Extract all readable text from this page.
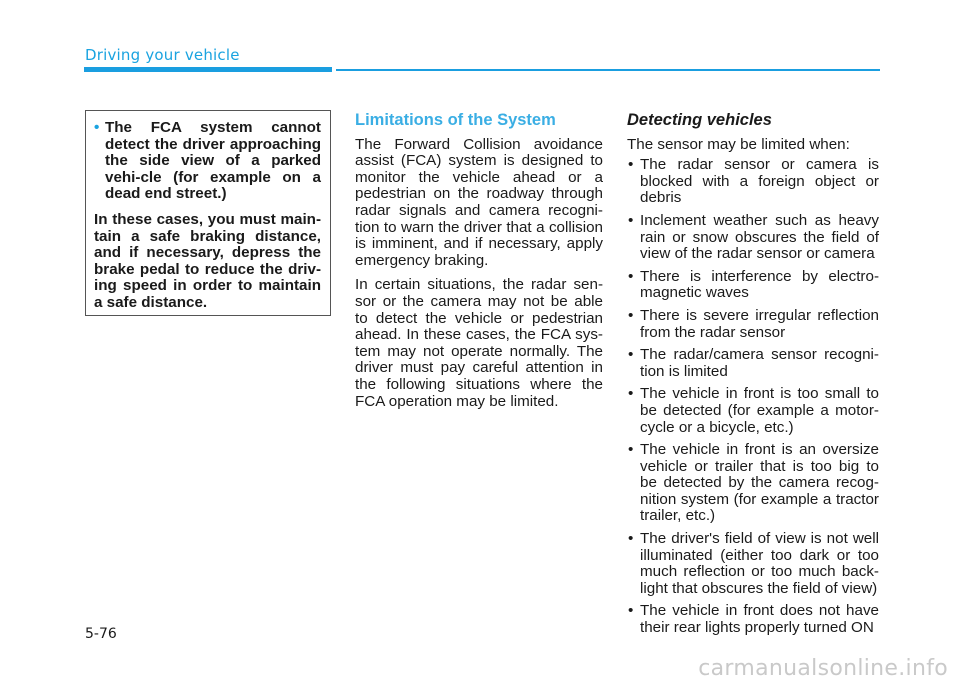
Driving your vehicle
• The FCA system cannot detect the driver approaching the side view of a parked vehi-cle (for example on a dead end street.)
In these cases, you must main-tain a safe braking distance, and if necessary, depress the brake pedal to reduce the driv-ing speed in order to maintain a safe distance.
Limitations of the System
The Forward Collision avoidance assist (FCA) system is designed to monitor the vehicle ahead or a pedestrian on the roadway through radar signals and camera recogni-tion to warn the driver that a collision is imminent, and if necessary, apply emergency braking.
In certain situations, the radar sen-sor or the camera may not be able to detect the vehicle or pedestrian ahead. In these cases, the FCA sys-tem may not operate normally. The driver must pay careful attention in the following situations where the FCA operation may be limited.
Detecting vehicles
The sensor may be limited when:
• The radar sensor or camera is blocked with a foreign object or debris
• Inclement weather such as heavy rain or snow obscures the field of view of the radar sensor or camera
• There is interference by electro-magnetic waves
• There is severe irregular reflection from the radar sensor
• The radar/camera sensor recogni-tion is limited
• The vehicle in front is too small to be detected (for example a motor-cycle or a bicycle, etc.)
• The vehicle in front is an oversize vehicle or trailer that is too big to be detected by the camera recog-nition system (for example a tractor trailer, etc.)
• The driver's field of view is not well illuminated (either too dark or too much reflection or too much back-light that obscures the field of view)
• The vehicle in front does not have their rear lights properly turned ON
5-76
carmanualsonline.info
